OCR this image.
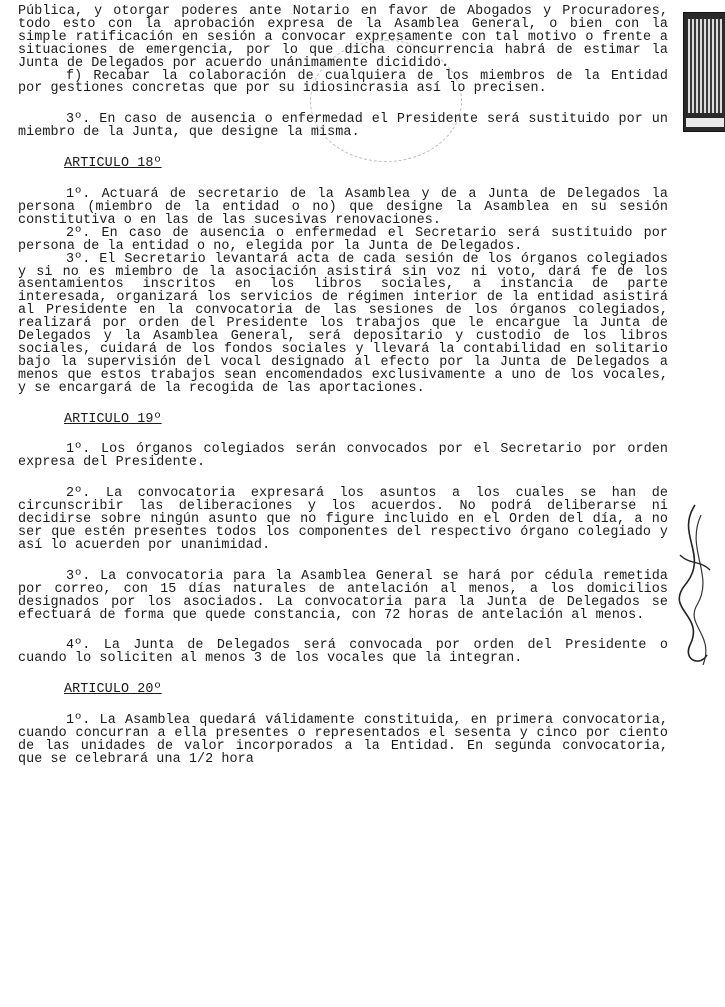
Pública, y otorgar poderes ante Notario en favor de Abogados y Procuradores, todo esto con la aprobación expresa de la Asamblea General, o bien con la simple ratificación en sesión a convocar expresamente con tal motivo o frente a situaciones de emergencia, por lo que dicha concurrencia habrá de estimar la Junta de Delegados por acuerdo unánimamente dicidido.

f) Recabar la colaboración de cualquiera de los miembros de la Entidad por gestiones concretas que por su idiosincrasia así lo precisen.

3º. En caso de ausencia o enfermedad el Presidente será sustituido por un miembro de la Junta, que designe la misma.

ARTICULO 18º

1º. Actuará de secretario de la Asamblea y de a Junta de Delegados la persona (miembro de la entidad o no) que designe la Asamblea en su sesión constitutiva o en las de las sucesivas renovaciones.

2º. En caso de ausencia o enfermedad el Secretario será sustituido por persona de la entidad o no, elegida por la Junta de Delegados.

3º. El Secretario levantará acta de cada sesión de los órganos colegiados y si no es miembro de la asociación asistirá sin voz ni voto, dará fe de los asentamientos inscritos en los libros sociales, a instancia de parte interesada, organizará los servicios de régimen interior de la entidad asistirá al Presidente en la convocatoria de las sesiones de los órganos colegiados, realizará por orden del Presidente los trabajos que le encargue la Junta de Delegados y la Asamblea General, será depositario y custodio de los libros sociales, cuidará de los fondos sociales y llevará la contabilidad en solitario bajo la supervisión del vocal designado al efecto por la Junta de Delegados a menos que estos trabajos sean encomendados exclusivamente a uno de los vocales, y se encargará de la recogida de las aportaciones.

ARTICULO 19º

1º. Los órganos colegiados serán convocados por el Secretario por orden expresa del Presidente.

2º. La convocatoria expresará los asuntos a los cuales se han de circunscribir las deliberaciones y los acuerdos. No podrá deliberarse ni decidirse sobre ningún asunto que no figure incluido en el Orden del día, a no ser que estén presentes todos los componentes del respectivo órgano colegiado y así lo acuerden por unanimidad.

3º. La convocatoria para la Asamblea General se hará por cédula remetida por correo, con 15 días naturales de antelación al menos, a los domicilios designados por los asociados. La convocatoria para la Junta de Delegados se efectuará de forma que quede constancia, con 72 horas de antelación al menos.

4º. La Junta de Delegados será convocada por orden del Presidente o cuando lo soliciten al menos 3 de los vocales que la integran.

ARTICULO 20º

1º. La Asamblea quedará válidamente constituida, en primera convocatoria, cuando concurran a ella presentes o representados el sesenta y cinco por ciento de las unidades de valor incorporados a la Entidad. En segunda convocatoria, que se celebrará una 1/2 hora
